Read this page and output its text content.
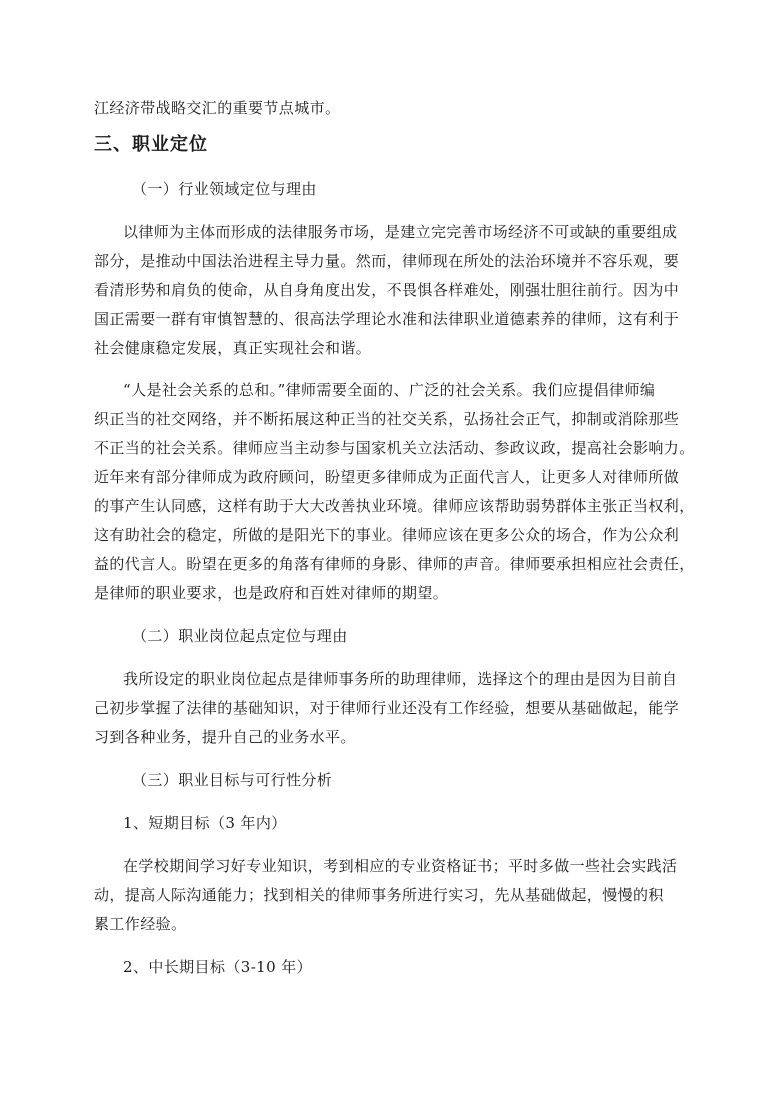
江经济带战略交汇的重要节点城市。
三、职业定位
（一）行业领域定位与理由
以律师为主体而形成的法律服务市场，是建立完完善市场经济不可或缺的重要组成
部分，是推动中国法治进程主导力量。然而，律师现在所处的法治环境并不容乐观，要
看清形势和肩负的使命，从自身角度出发，不畏惧各样难处，刚强壮胆往前行。因为中
国正需要一群有审慎智慧的、很高法学理论水准和法律职业道德素养的律师，这有利于
社会健康稳定发展，真正实现社会和谐。
“人是社会关系的总和。”律师需要全面的、广泛的社会关系。我们应提倡律师编
织正当的社交网络，并不断拓展这种正当的社交关系，弘扬社会正气，抑制或消除那些
不正当的社会关系。律师应当主动参与国家机关立法活动、参政议政，提高社会影响力。
近年来有部分律师成为政府顾问，盼望更多律师成为正面代言人，让更多人对律师所做
的事产生认同感，这样有助于大大改善执业环境。律师应该帮助弱势群体主张正当权利，
这有助社会的稳定，所做的是阳光下的事业。律师应该在更多公众的场合，作为公众利
益的代言人。盼望在更多的角落有律师的身影、律师的声音。律师要承担相应社会责任，
是律师的职业要求，也是政府和百姓对律师的期望。
（二）职业岗位起点定位与理由
我所设定的职业岗位起点是律师事务所的助理律师，选择这个的理由是因为目前自
己初步掌握了法律的基础知识，对于律师行业还没有工作经验，想要从基础做起，能学
习到各种业务，提升自己的业务水平。
（三）职业目标与可行性分析
1、短期目标（3 年内）
在学校期间学习好专业知识，考到相应的专业资格证书；平时多做一些社会实践活
动，提高人际沟通能力；找到相关的律师事务所进行实习，先从基础做起，慢慢的积
累工作经验。
2、中长期目标（3-10 年）
